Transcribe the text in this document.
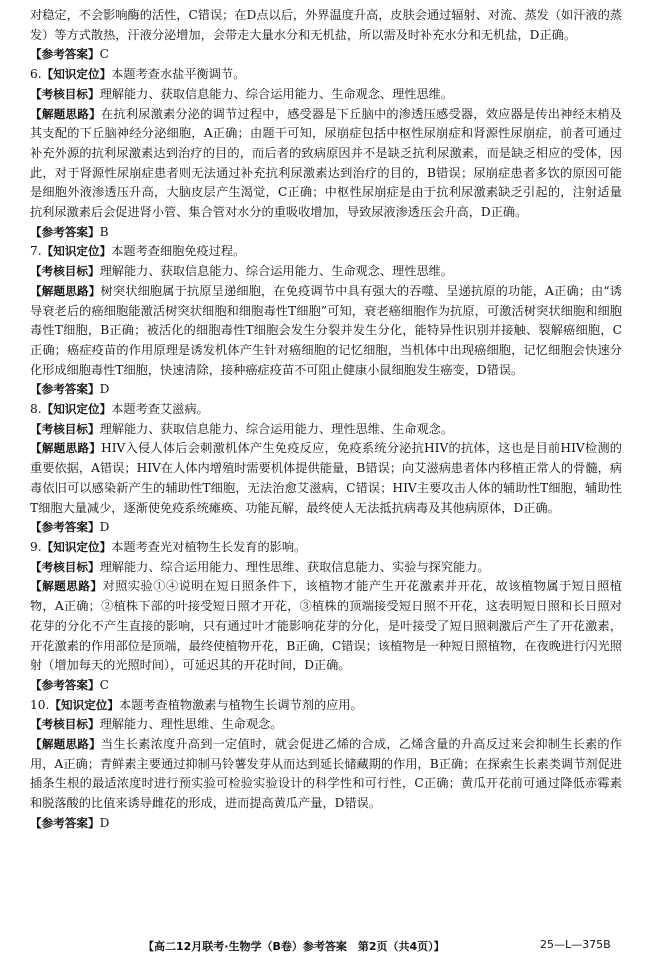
对稳定，不会影响酶的活性，C错误；在D点以后，外界温度升高，皮肤会通过辐射、对流、蒸发（如汗液的蒸发）等方式散热，汗液分泌增加，会带走大量水分和无机盐，所以需及时补充水分和无机盐，D正确。

【参考答案】C

6.【知识定位】本题考查水盐平衡调节。

【考核目标】理解能力、获取信息能力、综合运用能力、生命观念、理性思维。

【解题思路】在抗利尿激素分泌的调节过程中，感受器是下丘脑中的渗透压感受器，效应器是传出神经末梢及其支配的下丘脑神经分泌细胞，A正确；由题干可知，尿崩症包括中枢性尿崩症和肾源性尿崩症，前者可通过补充外源的抗利尿激素达到治疗的目的，而后者的致病原因并不是缺乏抗利尿激素，而是缺乏相应的受体，因此，对于肾源性尿崩症患者则无法通过补充抗利尿激素达到治疗的目的，B错误；尿崩症患者多饮的原因可能是细胞外液渗透压升高，大脑皮层产生渴觉，C正确；中枢性尿崩症是由于抗利尿激素缺乏引起的，注射适量抗利尿激素后会促进肾小管、集合管对水分的重吸收增加，导致尿液渗透压会升高，D正确。

【参考答案】B

7.【知识定位】本题考查细胞免疫过程。

【考核目标】理解能力、获取信息能力、综合运用能力、生命观念、理性思维。

【解题思路】树突状细胞属于抗原呈递细胞，在免疫调节中具有强大的吞噬、呈递抗原的功能，A正确；由“诱导衰老后的癌细胞能激活树突状细胞和细胞毒性T细胞”可知，衰老癌细胞作为抗原，可激活树突状细胞和细胞毒性T细胞，B正确；被活化的细胞毒性T细胞会发生分裂并发生分化，能特异性识别并接触、裂解癌细胞，C正确；癌症疫苗的作用原理是诱发机体产生针对癌细胞的记忆细胞，当机体中出现癌细胞，记忆细胞会快速分化形成细胞毒性T细胞，快速清除，接种癌症疫苗不可阻止健康小鼠细胞发生癌变，D错误。

【参考答案】D

8.【知识定位】本题考查艾滋病。

【考核目标】理解能力、获取信息能力、综合运用能力、理性思维、生命观念。

【解题思路】HIV入侵人体后会刺激机体产生免疫反应，免疫系统分泌抗HIV的抗体，这也是目前HIV检测的重要依据，A错误；HIV在人体内增殖时需要机体提供能量，B错误；向艾滋病患者体内移植正常人的骨髓，病毒依旧可以感染新产生的辅助性T细胞，无法治愈艾滋病，C错误；HIV主要攻击人体的辅助性T细胞，辅助性T细胞大量减少，逐渐使免疫系统瘫痪、功能瓦解，最终使人无法抵抗病毒及其他病原体，D正确。

【参考答案】D

9.【知识定位】本题考查光对植物生长发育的影响。

【考核目标】理解能力、综合运用能力、理性思维、获取信息能力、实验与探究能力。

【解题思路】对照实验①④说明在短日照条件下，该植物才能产生开花激素并开花，故该植物属于短日照植物，A正确；②植株下部的叶接受短日照才开花，③植株的顶端接受短日照不开花，这表明短日照和长日照对花芽的分化不产生直接的影响，只有通过叶才能影响花芽的分化，是叶接受了短日照刺激后产生了开花激素，开花激素的作用部位是顶端，最终使植物开花，B正确，C错误；该植物是一种短日照植物，在夜晚进行闪光照射（增加每天的光照时间），可延迟其的开花时间，D正确。

【参考答案】C

10.【知识定位】本题考查植物激素与植物生长调节剂的应用。

【考核目标】理解能力、理性思维、生命观念。

【解题思路】当生长素浓度升高到一定值时，就会促进乙烯的合成，乙烯含量的升高反过来会抑制生长素的作用，A正确；青鲜素主要通过抑制马铃薯发芽从而达到延长储藏期的作用，B正确；在探索生长素类调节剂促进插条生根的最适浓度时进行预实验可检验实验设计的科学性和可行性，C正确；黄瓜开花前可通过降低赤霉素和脱落酸的比值来诱导雌花的形成，进而提高黄瓜产量，D错误。

【参考答案】D

【高二12月联考·生物学（B卷）参考答案　第2页（共4页）】	25—L—375B
